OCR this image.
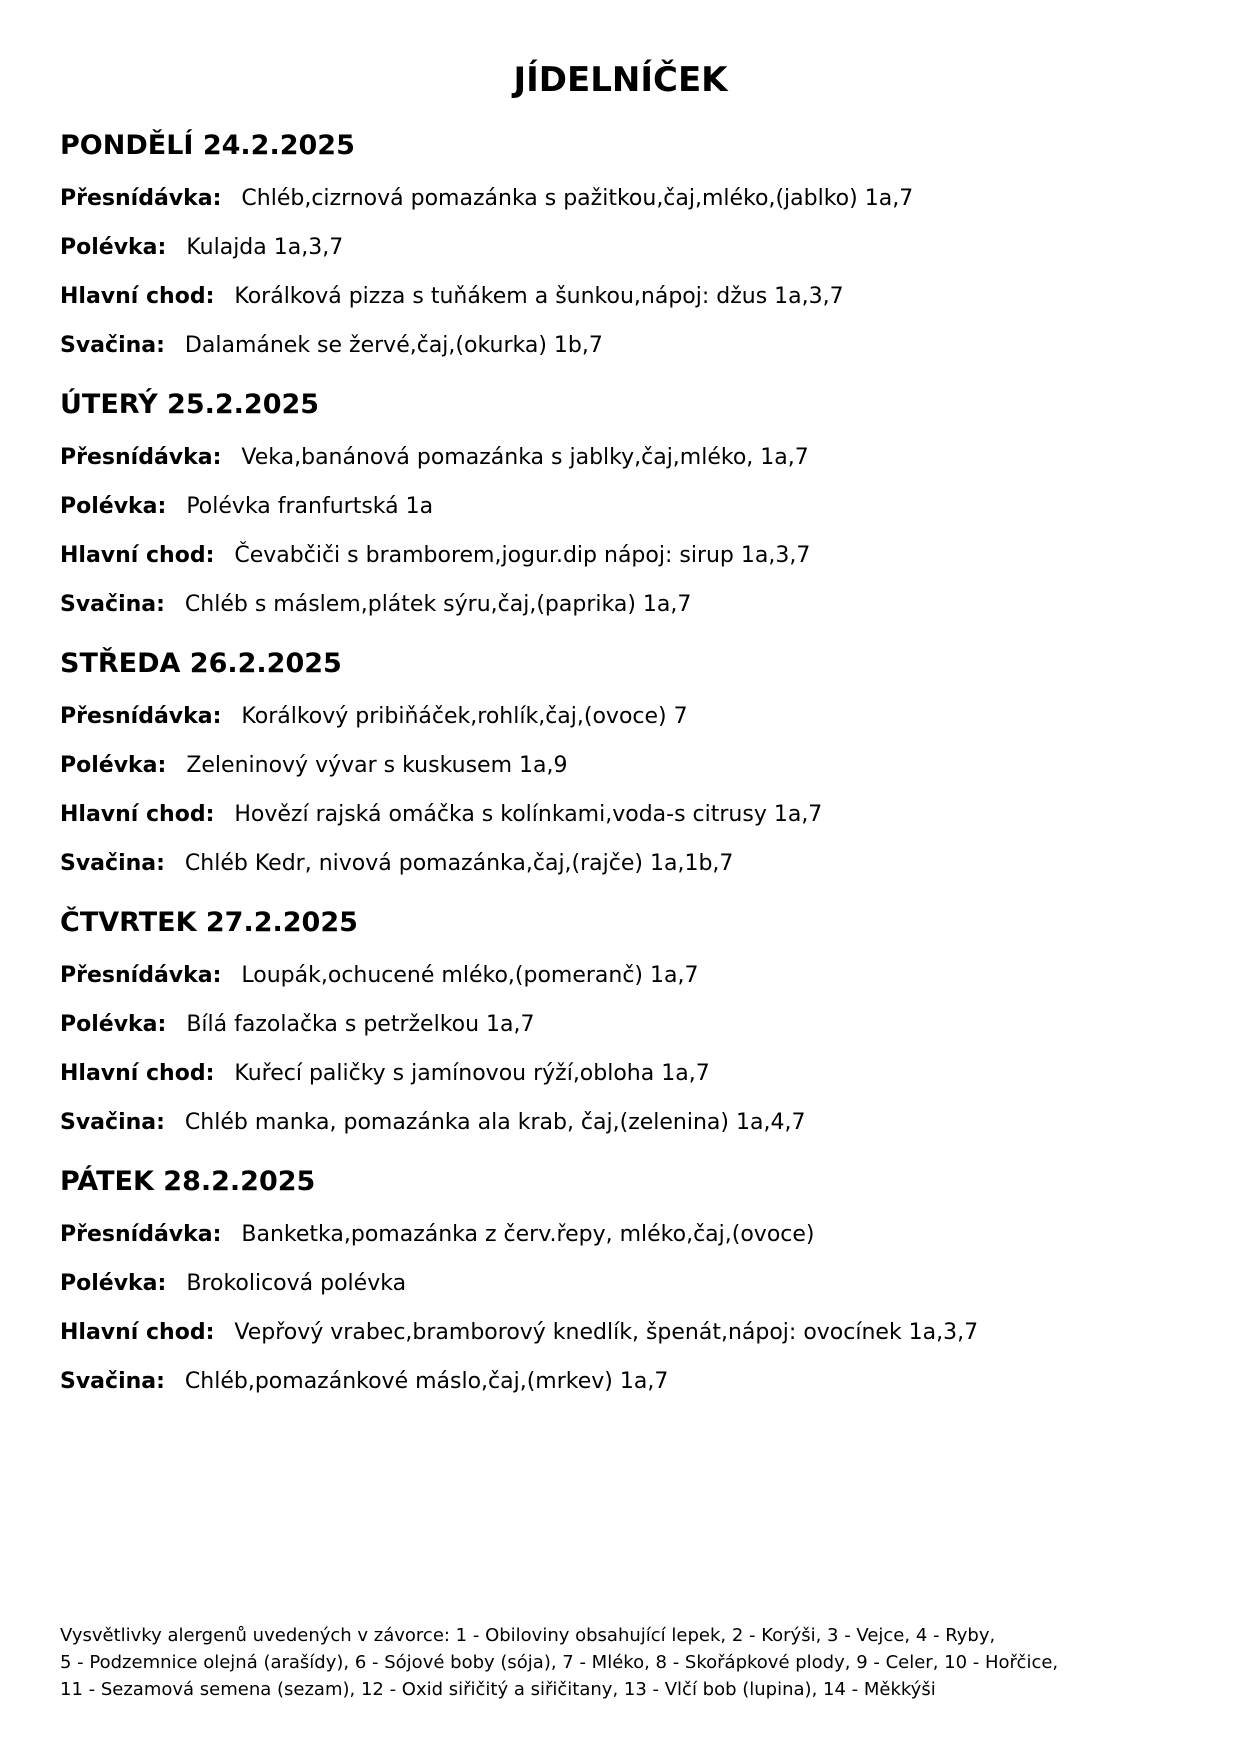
JÍDELNÍČEK
PONDĚLÍ 24.2.2025
Přesnídávka: Chléb,cizrnová pomazánka s pažitkou,čaj,mléko,(jablko) 1a,7
Polévka: Kulajda 1a,3,7
Hlavní chod: Korálková pizza s tuňákem a šunkou,nápoj: džus 1a,3,7
Svačina: Dalamánek se žervé,čaj,(okurka) 1b,7
ÚTERÝ 25.2.2025
Přesnídávka: Veka,banánová pomazánka s jablky,čaj,mléko, 1a,7
Polévka: Polévka franfurtská 1a
Hlavní chod: Čevabčiči s bramborem,jogur.dip nápoj: sirup 1a,3,7
Svačina: Chléb s máslem,plátek sýru,čaj,(paprika) 1a,7
STŘEDA 26.2.2025
Přesnídávka: Korálkový pribiňáček,rohlík,čaj,(ovoce) 7
Polévka: Zeleninový vývar s kuskusem 1a,9
Hlavní chod: Hovězí rajská omáčka s kolínkami,voda-s citrusy 1a,7
Svačina: Chléb Kedr, nivová pomazánka,čaj,(rajče) 1a,1b,7
ČTVRTEK 27.2.2025
Přesnídávka: Loupák,ochucené mléko,(pomeranč) 1a,7
Polévka: Bílá fazolačka s petrželkou 1a,7
Hlavní chod: Kuřecí paličky s jamínovou rýží,obloha 1a,7
Svačina: Chléb manka, pomazánka ala krab, čaj,(zelenina) 1a,4,7
PÁTEK 28.2.2025
Přesnídávka: Banketka,pomazánka z červ.řepy, mléko,čaj,(ovoce)
Polévka: Brokolicová polévka
Hlavní chod: Vepřový vrabec,bramborový knedlík, špenát,nápoj: ovocínek 1a,3,7
Svačina: Chléb,pomazánkové máslo,čaj,(mrkev) 1a,7
Vysvětlivky alergenů uvedených v závorce: 1 - Obiloviny obsahující lepek, 2 - Korýši, 3 - Vejce, 4 - Ryby,
5 - Podzemnice olejná (arašídy), 6 - Sójové boby (sója), 7 - Mléko, 8 - Skořápkové plody, 9 - Celer, 10 - Hořčice,
11 - Sezamová semena (sezam), 12 - Oxid siřičitý a siřičitany, 13 - Vlčí bob (lupina), 14 - Měkkýši
